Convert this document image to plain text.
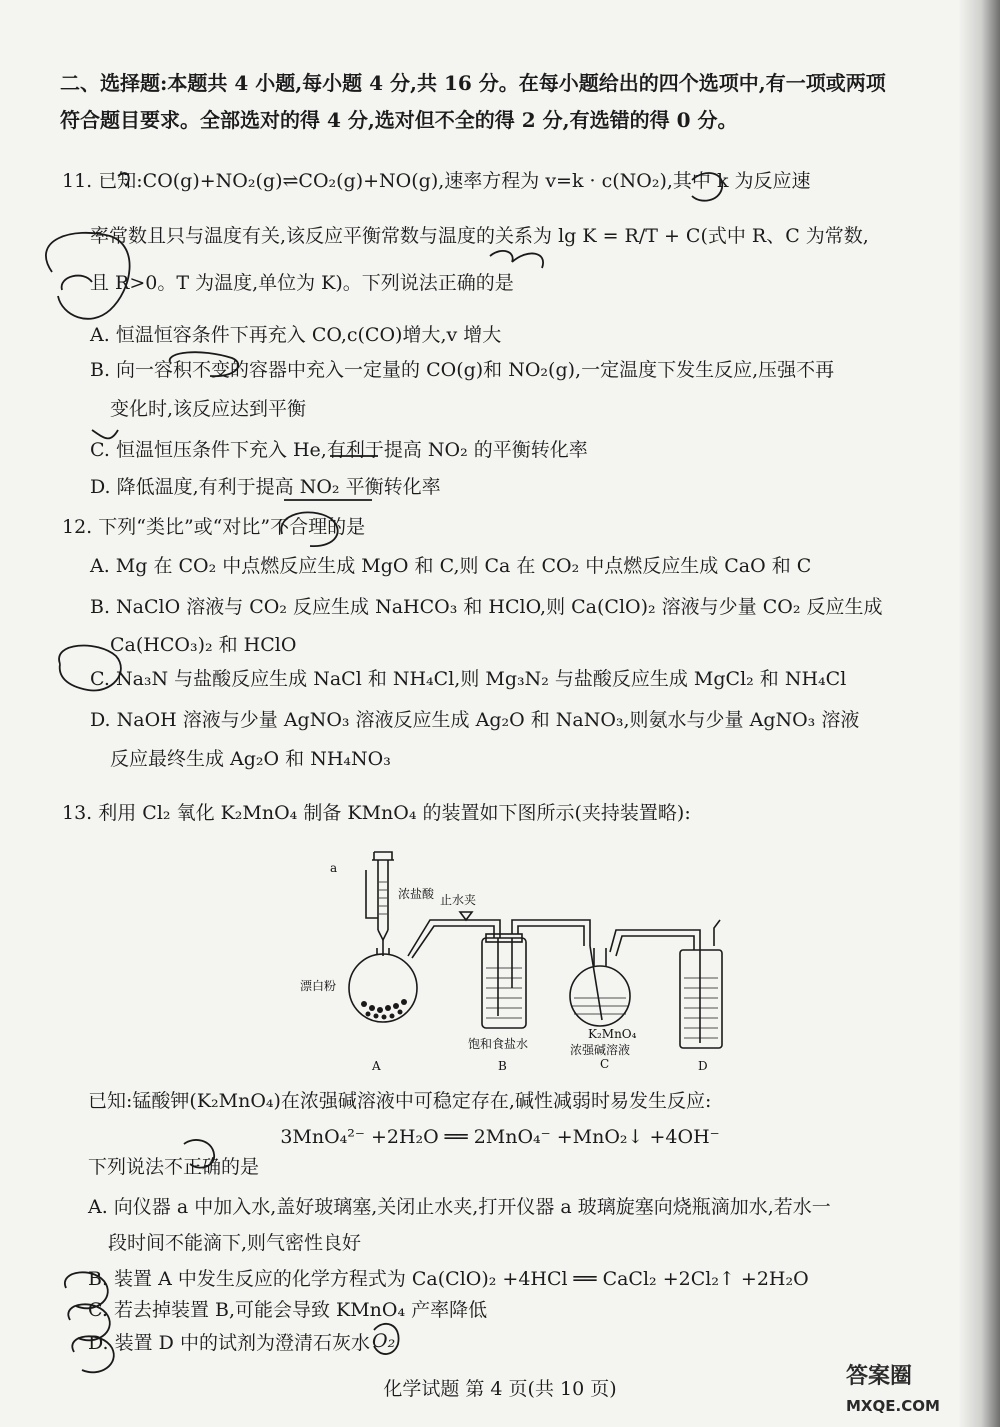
二、选择题:本题共 4 小题,每小题 4 分,共 16 分。在每小题给出的四个选项中,有一项或两项
符合题目要求。全部选对的得 4 分,选对但不全的得 2 分,有选错的得 0 分。
11. 已知:CO(g)+NO₂(g)⇌CO₂(g)+NO(g),速率方程为 v=k · c(NO₂),其中 k 为反应速
率常数且只与温度有关,该反应平衡常数与温度的关系为 lg K = R/T + C(式中 R、C 为常数,
且 R>0。T 为温度,单位为 K)。下列说法正确的是
A. 恒温恒容条件下再充入 CO,c(CO)增大,v 增大
B. 向一容积不变的容器中充入一定量的 CO(g)和 NO₂(g),一定温度下发生反应,压强不再
变化时,该反应达到平衡
C. 恒温恒压条件下充入 He,有利于提高 NO₂ 的平衡转化率
D. 降低温度,有利于提高 NO₂ 平衡转化率
12. 下列“类比”或“对比”不合理的是
A. Mg 在 CO₂ 中点燃反应生成 MgO 和 C,则 Ca 在 CO₂ 中点燃反应生成 CaO 和 C
B. NaClO 溶液与 CO₂ 反应生成 NaHCO₃ 和 HClO,则 Ca(ClO)₂ 溶液与少量 CO₂ 反应生成
Ca(HCO₃)₂ 和 HClO
C. Na₃N 与盐酸反应生成 NaCl 和 NH₄Cl,则 Mg₃N₂ 与盐酸反应生成 MgCl₂ 和 NH₄Cl
D. NaOH 溶液与少量 AgNO₃ 溶液反应生成 Ag₂O 和 NaNO₃,则氨水与少量 AgNO₃ 溶液
反应最终生成 Ag₂O 和 NH₄NO₃
13. 利用 Cl₂ 氧化 K₂MnO₄ 制备 KMnO₄ 的装置如下图所示(夹持装置略):
a
浓盐酸 止水夹
漂白粉
饱和食盐水
K₂MnO₄
浓强碱溶液
A	B	C	D
已知:锰酸钾(K₂MnO₄)在浓强碱溶液中可稳定存在,碱性减弱时易发生反应:
3MnO₄²⁻ +2H₂O ══ 2MnO₄⁻ +MnO₂↓ +4OH⁻
下列说法不正确的是
A. 向仪器 a 中加入水,盖好玻璃塞,关闭止水夹,打开仪器 a 玻璃旋塞向烧瓶滴加水,若水一
段时间不能滴下,则气密性良好
B. 装置 A 中发生反应的化学方程式为 Ca(ClO)₂ +4HCl ══ CaCl₂ +2Cl₂↑ +2H₂O
C. 若去掉装置 B,可能会导致 KMnO₄ 产率降低
D. 装置 D 中的试剂为澄清石灰水 O₂
化学试题 第 4 页(共 10 页)	答案圈
MXQE.COM
